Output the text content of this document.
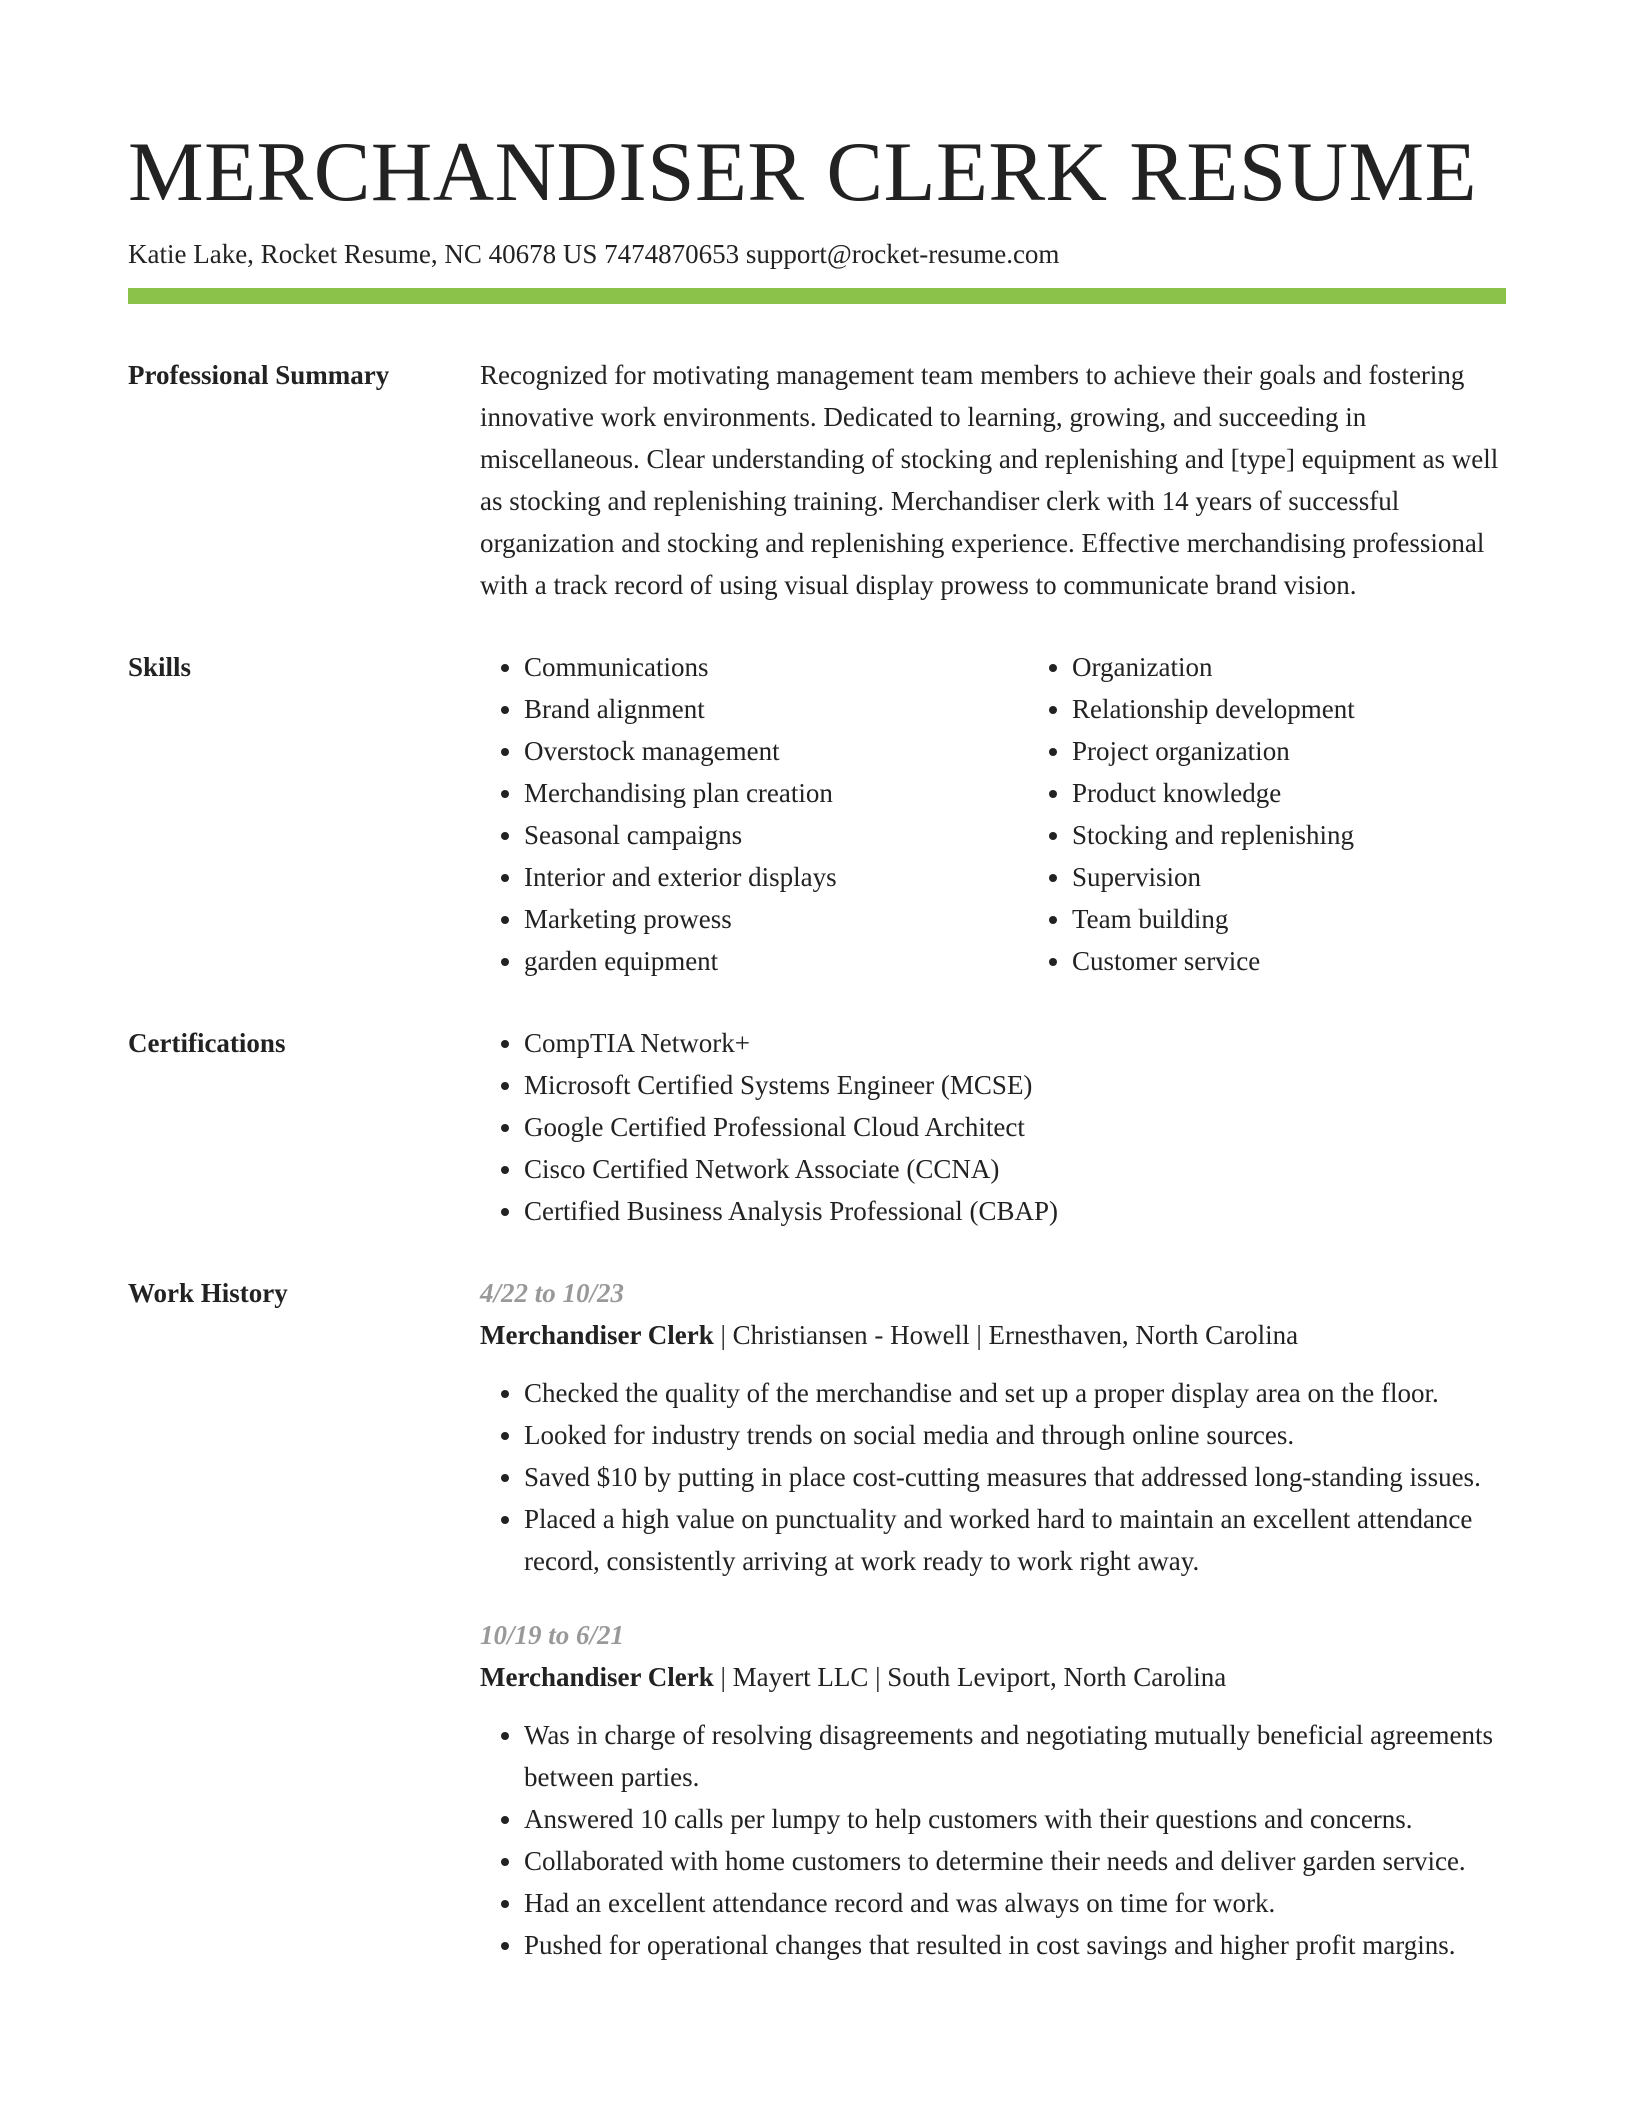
MERCHANDISER CLERK RESUME
Katie Lake, Rocket Resume, NC 40678 US 7474870653 support@rocket-resume.com
Professional Summary	Recognized for motivating management team members to achieve their goals and fostering innovative work environments. Dedicated to learning, growing, and succeeding in miscellaneous. Clear understanding of stocking and replenishing and [type] equipment as well as stocking and replenishing training. Merchandiser clerk with 14 years of successful organization and stocking and replenishing experience. Effective merchandising professional with a track record of using visual display prowess to communicate brand vision.

Skills	• Communications
• Brand alignment
• Overstock management
• Merchandising plan creation
• Seasonal campaigns
• Interior and exterior displays
• Marketing prowess
• garden equipment
• Organization
• Relationship development
• Project organization
• Product knowledge
• Stocking and replenishing
• Supervision
• Team building
• Customer service
Certifications	• CompTIA Network+
• Microsoft Certified Systems Engineer (MCSE)
• Google Certified Professional Cloud Architect
• Cisco Certified Network Associate (CCNA)
• Certified Business Analysis Professional (CBAP)
Work History	4/22 to 10/23
Merchandiser Clerk | Christiansen - Howell | Ernesthaven, North Carolina
• Checked the quality of the merchandise and set up a proper display area on the floor.
• Looked for industry trends on social media and through online sources.
• Saved $10 by putting in place cost-cutting measures that addressed long-standing issues.
• Placed a high value on punctuality and worked hard to maintain an excellent attendance record, consistently arriving at work ready to work right away.
10/19 to 6/21
Merchandiser Clerk | Mayert LLC | South Leviport, North Carolina
• Was in charge of resolving disagreements and negotiating mutually beneficial agreements between parties.
• Answered 10 calls per lumpy to help customers with their questions and concerns.
• Collaborated with home customers to determine their needs and deliver garden service.
• Had an excellent attendance record and was always on time for work.
• Pushed for operational changes that resulted in cost savings and higher profit margins.
